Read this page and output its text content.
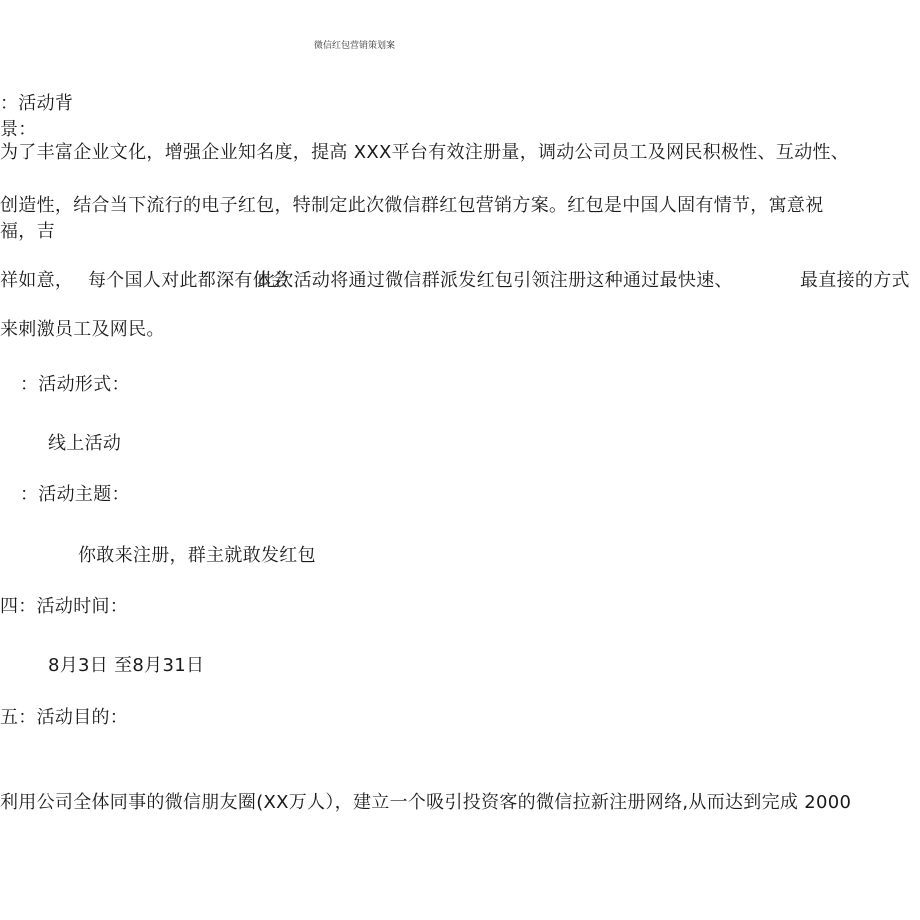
微信红包营销策划案
：活动背
景：
为了丰富企业文化，增强企业知名度，提高 XXX平台有效注册量，调动公司员工及网民积极性、互动性、
创造性，结合当下流行的电子红包，特制定此次微信群红包营销方案。红包是中国人固有情节，寓意祝
福，吉
祥如意， 每个国人对此都深有体会
此次活动将通过微信群派发红包引领注册这种通过最快速、	最直接的方式
来刺激员工及网民。
：活动形式：
线上活动
：活动主题：
你敢来注册，群主就敢发红包
四：活动时间：
8月3日 至8月31日
五：活动目的：
利用公司全体同事的微信朋友圈(XX万人），建立一个吸引投资客的微信拉新注册网络,从而达到完成 2000
